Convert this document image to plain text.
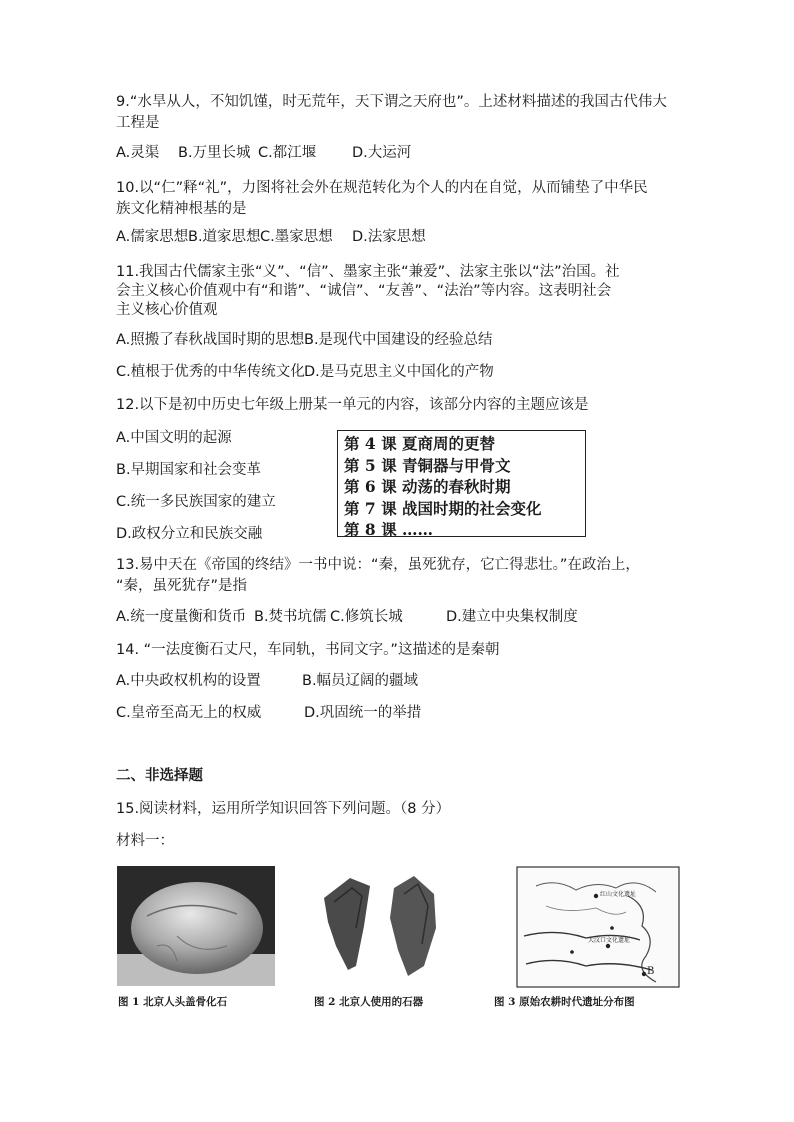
9.“水旱从人，不知饥馑，时无荒年，天下谓之天府也”。上述材料描述的我国古代伟大
工程是
A.灵渠 B.万里长城 C.都江堰 D.大运河
10.以“仁”释“礼”，力图将社会外在规范转化为个人的内在自觉，从而铺垫了中华民
族文化精神根基的是
A.儒家思想 B.道家思想 C.墨家思想 D.法家思想
11.我国古代儒家主张“义”、“信”、墨家主张“兼爱”、法家主张以“法”治国。社
会主义核心价值观中有“和谐”、“诚信”、“友善”、“法治”等内容。这表明社会
主义核心价值观
A.照搬了春秋战国时期的思想 B.是现代中国建设的经验总结
C.植根于优秀的中华传统文化 D.是马克思主义中国化的产物
12.以下是初中历史七年级上册某一单元的内容，该部分内容的主题应该是
A.中国文明的起源
B.早期国家和社会变革
C.统一多民族国家的建立
D.政权分立和民族交融
第 4 课 夏商周的更替
第 5 课 青铜器与甲骨文
第 6 课 动荡的春秋时期
第 7 课 战国时期的社会变化
第 8 课 ……
13.易中天在《帝国的终结》一书中说：“秦，虽死犹存，它亡得悲壮。”在政治上，
“秦，虽死犹存”是指
A.统一度量衡和货币 B.焚书坑儒 C.修筑长城	D.建立中央集权制度
14. “一法度衡石丈尺，车同轨，书同文字。”这描述的是秦朝
A.中央政权机构的设置	B.幅员辽阔的疆域
C.皇帝至高无上的权威	D.巩固统一的举措
二、非选择题
15.阅读材料，运用所学知识回答下列问题。（8 分）
材料一：
红山文化遗址
大汶口文化遗址
B
图 1 北京人头盖骨化石	图 2 北京人使用的石器	图 3 原始农耕时代遗址分布图
